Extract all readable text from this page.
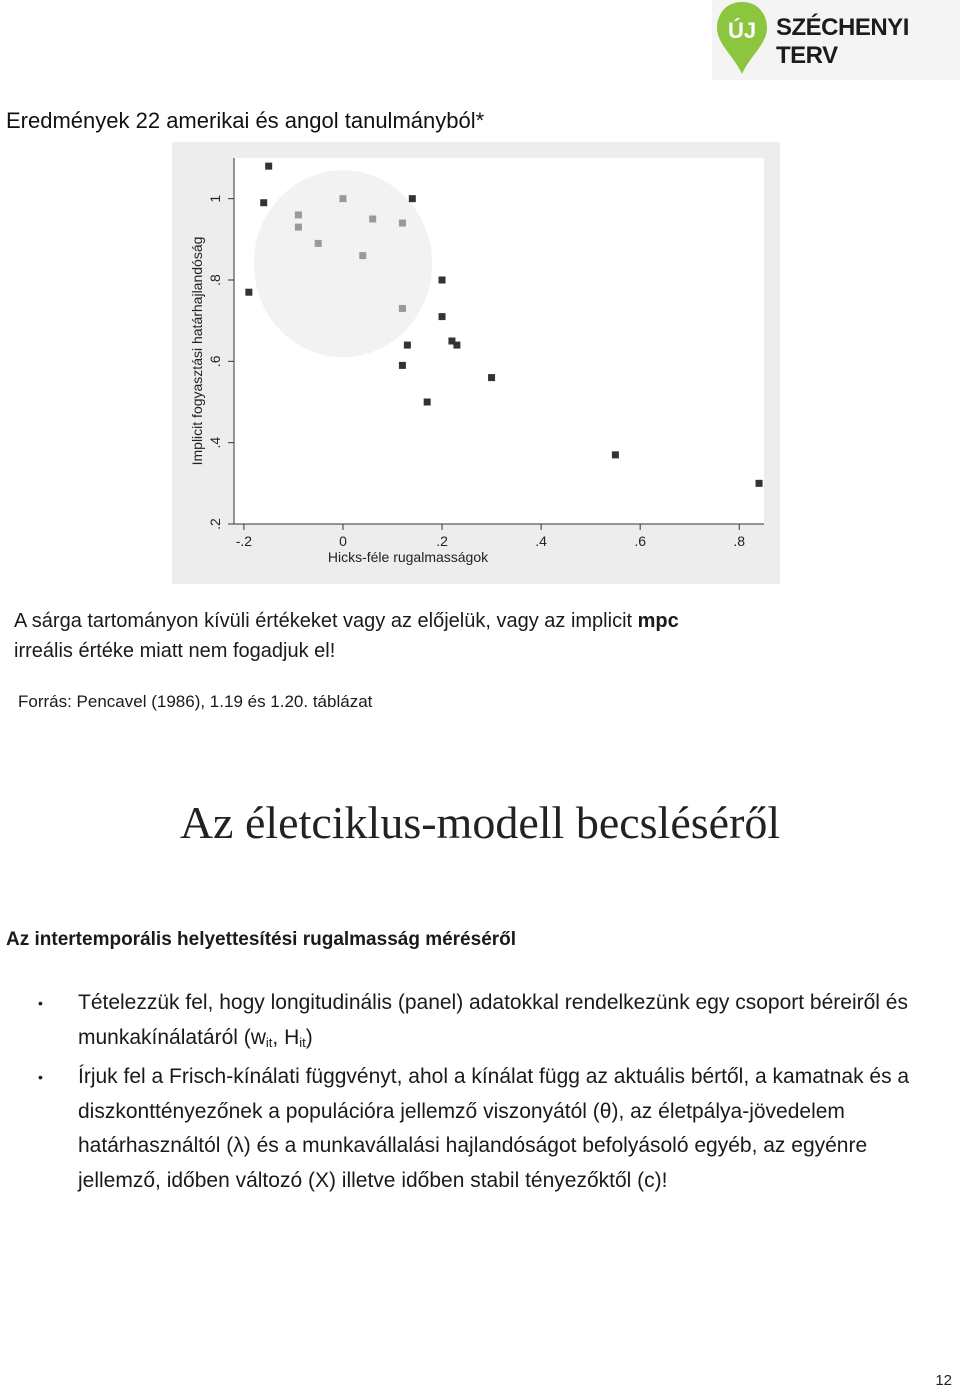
ÚJ SZÉCHENYI TERV
Eredmények 22 amerikai és angol tanulmányból*
-.2	0	.2	.4	.6	.8
.2
.4
.6
.8
1
Hicks-féle rugalmasságok
Implicit fogyasztási határhajlandóság
A sárga tartományon kívüli értékeket vagy az előjelük, vagy az implicit mpc
irreális értéke miatt nem fogadjuk el!
Forrás: Pencavel (1986), 1.19 és 1.20. táblázat
Az életciklus-modell becsléséről
Az intertemporális helyettesítési rugalmasság méréséről
• Tételezzük fel, hogy longitudinális (panel) adatokkal rendelkezünk egy csoport béreiről és munkakínálatáról ($w_{it}$, $H_{it}$)
• Írjuk fel a Frisch-kínálati függvényt, ahol a kínálat függ az aktuális bértől, a kamatnak és a diszkonttényezőnek a populációra jellemző viszonyától (θ), az életpálya-jövedelem határhasználtól (λ) és a munkavállalási hajlandóságot befolyásoló egyéb, az egyénre jellemző, időben változó (X) illetve időben stabil tényezőktől (c)!
12
